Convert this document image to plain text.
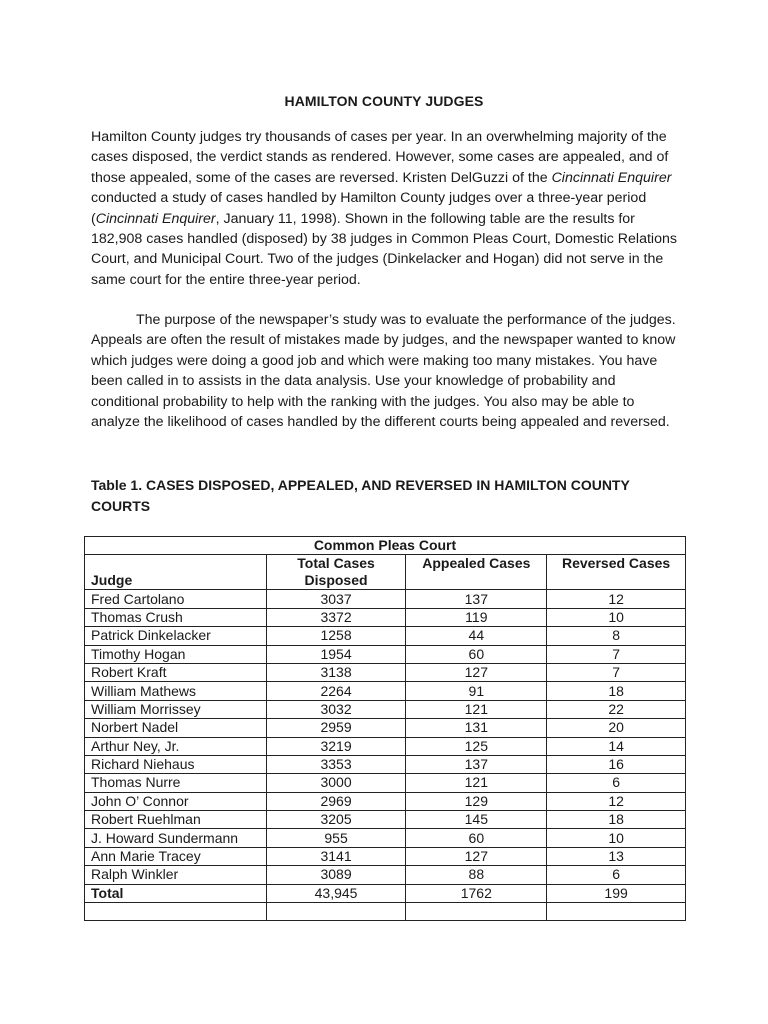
HAMILTON COUNTY JUDGES

Hamilton County judges try thousands of cases per year. In an overwhelming majority of the cases disposed, the verdict stands as rendered. However, some cases are appealed, and of those appealed, some of the cases are reversed. Kristen DelGuzzi of the Cincinnati Enquirer conducted a study of cases handled by Hamilton County judges over a three-year period (Cincinnati Enquirer, January 11, 1998). Shown in the following table are the results for 182,908 cases handled (disposed) by 38 judges in Common Pleas Court, Domestic Relations Court, and Municipal Court. Two of the judges (Dinkelacker and Hogan) did not serve in the same court for the entire three-year period.

The purpose of the newspaper’s study was to evaluate the performance of the judges. Appeals are often the result of mistakes made by judges, and the newspaper wanted to know which judges were doing a good job and which were making too many mistakes. You have been called in to assists in the data analysis. Use your knowledge of probability and conditional probability to help with the ranking with the judges. You also may be able to analyze the likelihood of cases handled by the different courts being appealed and reversed.

Table 1. CASES DISPOSED, APPEALED, AND REVERSED IN HAMILTON COUNTY COURTS

Common Pleas Court			
Judge	Total Cases Disposed	Appealed Cases	Reversed Cases
Fred Cartolano	3037	137	12
Thomas Crush	3372	119	10
Patrick Dinkelacker	1258	44	8
Timothy Hogan	1954	60	7
Robert Kraft	3138	127	7
William Mathews	2264	91	18
William Morrissey	3032	121	22
Norbert Nadel	2959	131	20
Arthur Ney, Jr.	3219	125	14
Richard Niehaus	3353	137	16
Thomas Nurre	3000	121	6
John O’ Connor	2969	129	12
Robert Ruehlman	3205	145	18
J. Howard Sundermann	955	60	10
Ann Marie Tracey	3141	127	13
Ralph Winkler	3089	88	6
Total	43,945	1762	199
